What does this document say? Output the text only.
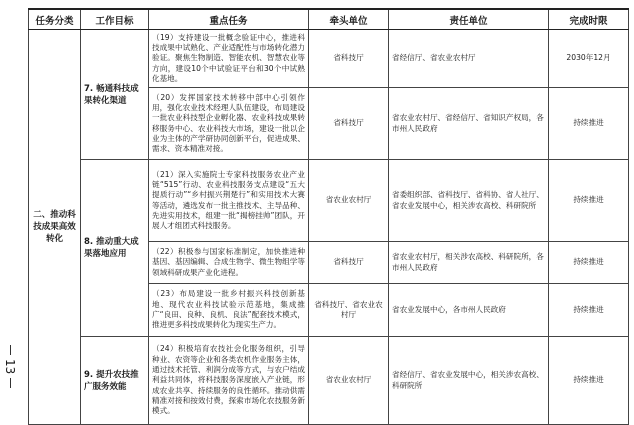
13
任务分类	工作目标	重点任务	牵头单位	责任单位	完成时限
二、推动科技成果高效转化	7. 畅通科技成果转化渠道	（19）支持建设一批概念验证中心，推进科技成果中试熟化、产业适配性与市场转化潜力验证。聚焦生物制造、智能农机、智慧农业等方向，建设10个中试验证平台和30个中试熟化基地。	省科技厅	省经信厅、省农业农村厅	2030年12月
		（20）发挥国家技术转移中部中心引领作用，强化农业技术经理人队伍建设，布局建设一批农业科技型企业孵化器、农业科技成果转移服务中心、农业科技大市场，建设一批以企业为主体的产学研协同创新平台，促进成果、需求、资本精准对接。	省科技厅	省农业农村厅、省经信厅、省知识产权局，各市州人民政府	持续推进
	8. 推动重大成果落地应用	（21）深入实施院士专家科技服务农业产业链“515”行动、农业科技服务支点建设“五大提质行动”“乡村振兴荆楚行”和实用技术大赛等活动，遴选发布一批主推技术、主导品种、先进实用技术，组建一批“揭榜挂帅”团队，开展人才组团式科技服务。	省农业农村厅	省委组织部、省科技厅、省科协、省人社厅、省农业发展中心，相关涉农高校、科研院所	持续推进
		（22）积极参与国家标准制定，加快推进种基因、基因编辑、合成生物学、微生物组学等领域科研成果产业化进程。	省科技厅	省农业农村厅，相关涉农高校、科研院所，各市州人民政府	持续推进
		（23）布局建设一批乡村振兴科技创新基地、现代农业科技试验示范基地，集成推广“良田、良种、良机、良法”配套技术模式，推进更多科技成果转化为现实生产力。	省科技厅、省农业农村厅	省农业发展中心，各市州人民政府	持续推进
	9. 提升农技推广服务效能	（24）积极培育农技社会化服务组织，引导种业、农资等企业和各类农机作业服务主体，通过技术托管、利润分成等方式，与农户结成利益共同体，将科技服务深度嵌入产业链，形成农业共享、持续服务的良性循环。推动供需精准对接和按效付费，探索市场化农技服务新模式。	省农业农村厅	省经信厅、省农业发展中心，相关涉农高校、科研院所	持续推进
